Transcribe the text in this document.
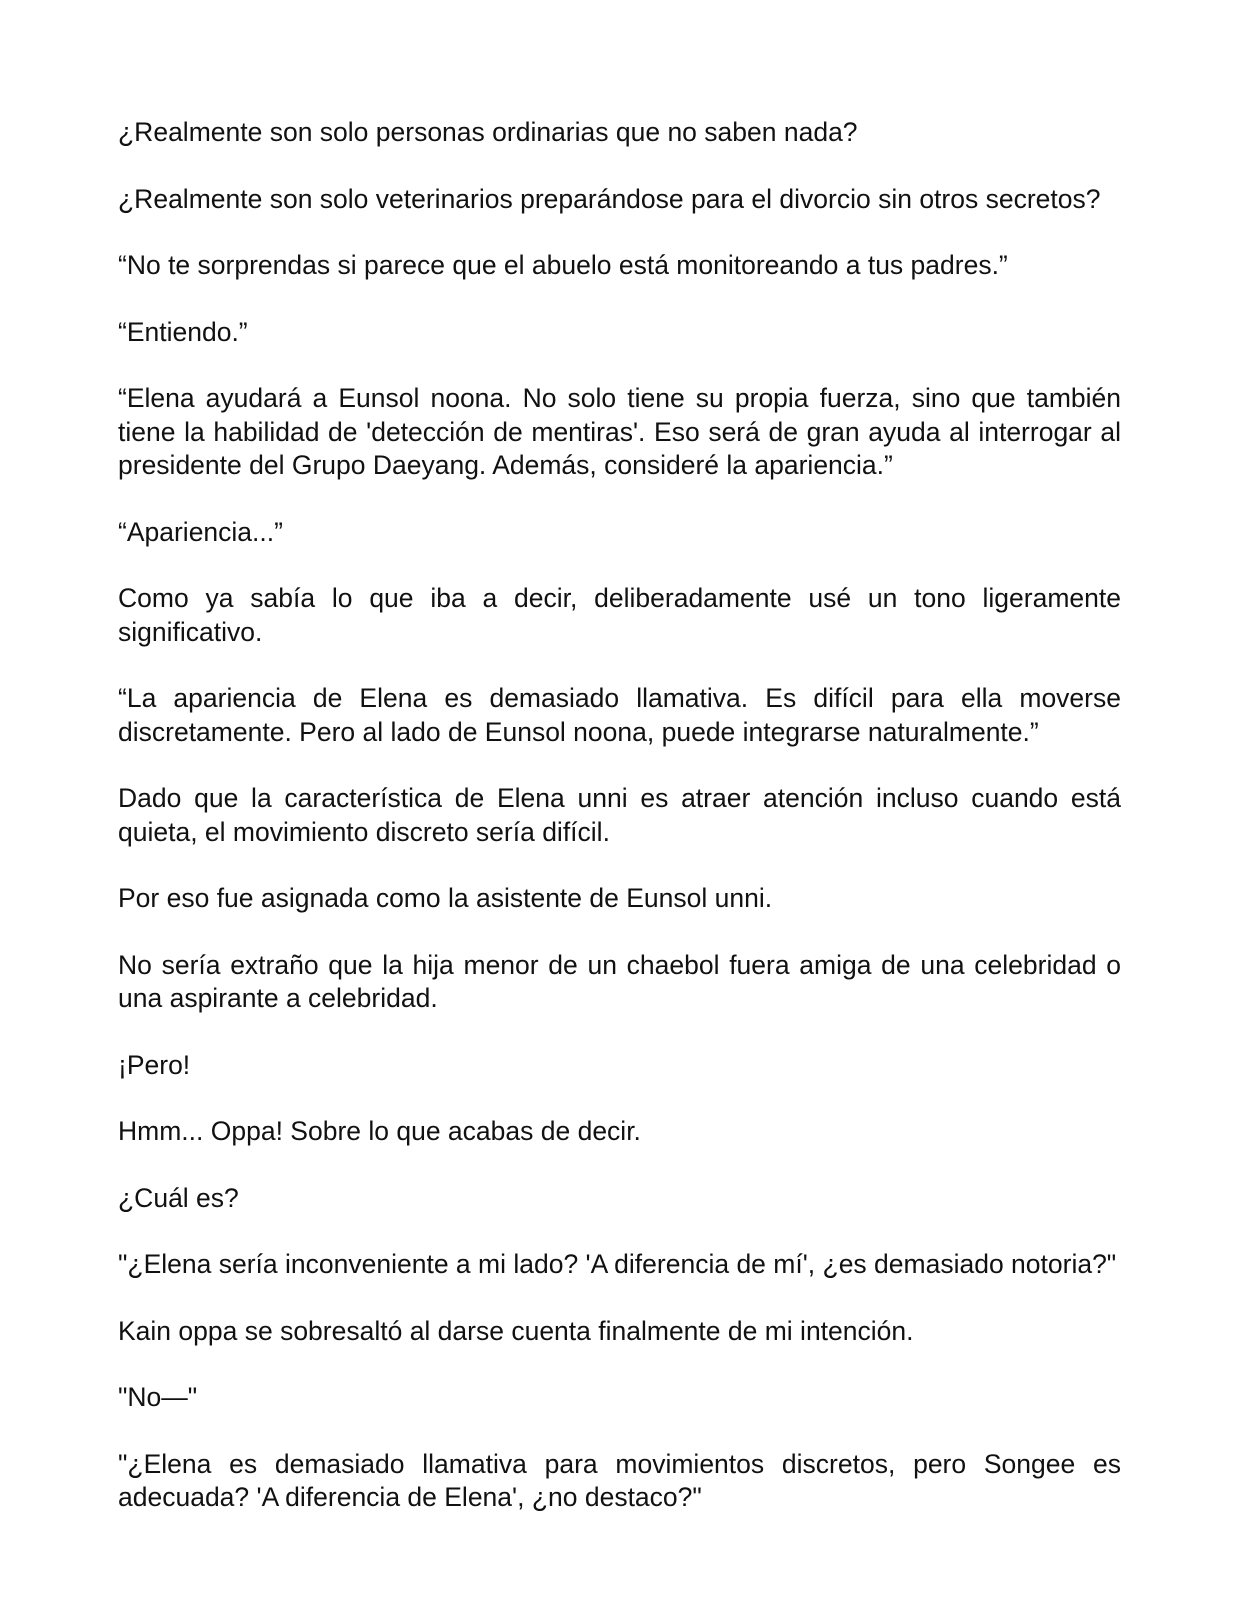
¿Realmente son solo personas ordinarias que no saben nada?

¿Realmente son solo veterinarios preparándose para el divorcio sin otros secretos?

“No te sorprendas si parece que el abuelo está monitoreando a tus padres.”

“Entiendo.”

“Elena ayudará a Eunsol noona. No solo tiene su propia fuerza, sino que también tiene la habilidad de 'detección de mentiras'. Eso será de gran ayuda al interrogar al presidente del Grupo Daeyang. Además, consideré la apariencia.”

“Apariencia...”

Como ya sabía lo que iba a decir, deliberadamente usé un tono ligeramente significativo.

“La apariencia de Elena es demasiado llamativa. Es difícil para ella moverse discretamente. Pero al lado de Eunsol noona, puede integrarse naturalmente.”

Dado que la característica de Elena unni es atraer atención incluso cuando está quieta, el movimiento discreto sería difícil.

Por eso fue asignada como la asistente de Eunsol unni.

No sería extraño que la hija menor de un chaebol fuera amiga de una celebridad o una aspirante a celebridad.

¡Pero!

Hmm... Oppa! Sobre lo que acabas de decir.

¿Cuál es?

"¿Elena sería inconveniente a mi lado? 'A diferencia de mí', ¿es demasiado notoria?"

Kain oppa se sobresaltó al darse cuenta finalmente de mi intención.

"No—"

"¿Elena es demasiado llamativa para movimientos discretos, pero Songee es adecuada? 'A diferencia de Elena', ¿no destaco?"
